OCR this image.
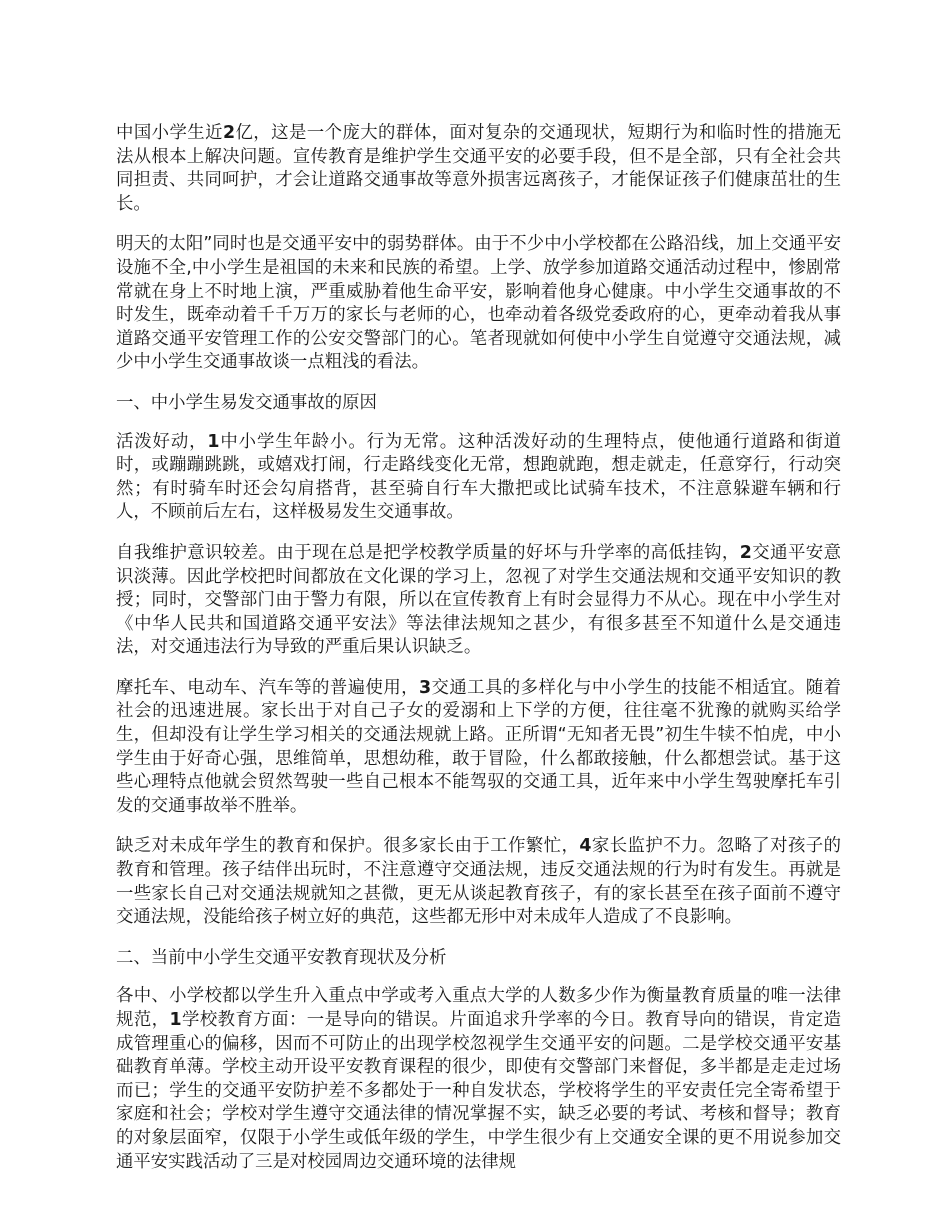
中国小学生近2亿，这是一个庞大的群体，面对复杂的交通现状，短期行为和临时性的措施无法从根本上解决问题。宣传教育是维护学生交通平安的必要手段，但不是全部，只有全社会共同担责、共同呵护，才会让道路交通事故等意外损害远离孩子，才能保证孩子们健康茁壮的生长。

明天的太阳”同时也是交通平安中的弱势群体。由于不少中小学校都在公路沿线，加上交通平安设施不全,中小学生是祖国的未来和民族的希望。上学、放学参加道路交通活动过程中，惨剧常常就在身上不时地上演，严重威胁着他生命平安，影响着他身心健康。中小学生交通事故的不时发生，既牵动着千千万万的家长与老师的心，也牵动着各级党委政府的心，更牵动着我从事道路交通平安管理工作的公安交警部门的心。笔者现就如何使中小学生自觉遵守交通法规，减少中小学生交通事故谈一点粗浅的看法。

一、中小学生易发交通事故的原因

活泼好动，1中小学生年龄小。行为无常。这种活泼好动的生理特点，使他通行道路和街道时，或蹦蹦跳跳，或嬉戏打闹，行走路线变化无常，想跑就跑，想走就走，任意穿行，行动突然；有时骑车时还会勾肩搭背，甚至骑自行车大撒把或比试骑车技术，不注意躲避车辆和行人，不顾前后左右，这样极易发生交通事故。

自我维护意识较差。由于现在总是把学校教学质量的好坏与升学率的高低挂钩，2交通平安意识淡薄。因此学校把时间都放在文化课的学习上，忽视了对学生交通法规和交通平安知识的教授；同时，交警部门由于警力有限，所以在宣传教育上有时会显得力不从心。现在中小学生对《中华人民共和国道路交通平安法》等法律法规知之甚少，有很多甚至不知道什么是交通违法，对交通违法行为导致的严重后果认识缺乏。

摩托车、电动车、汽车等的普遍使用，3交通工具的多样化与中小学生的技能不相适宜。随着社会的迅速进展。家长出于对自己子女的爱溺和上下学的方便，往往毫不犹豫的就购买给学生，但却没有让学生学习相关的交通法规就上路。正所谓“无知者无畏”初生牛犊不怕虎，中小学生由于好奇心强，思维简单，思想幼稚，敢于冒险，什么都敢接触，什么都想尝试。基于这些心理特点他就会贸然驾驶一些自己根本不能驾驭的交通工具，近年来中小学生驾驶摩托车引发的交通事故举不胜举。

缺乏对未成年学生的教育和保护。很多家长由于工作繁忙，4家长监护不力。忽略了对孩子的教育和管理。孩子结伴出玩时，不注意遵守交通法规，违反交通法规的行为时有发生。再就是一些家长自己对交通法规就知之甚微，更无从谈起教育孩子，有的家长甚至在孩子面前不遵守交通法规，没能给孩子树立好的典范，这些都无形中对未成年人造成了不良影响。

二、当前中小学生交通平安教育现状及分析

各中、小学校都以学生升入重点中学或考入重点大学的人数多少作为衡量教育质量的唯一法律规范，1学校教育方面：一是导向的错误。片面追求升学率的今日。教育导向的错误，肯定造成管理重心的偏移，因而不可防止的出现学校忽视学生交通平安的问题。二是学校交通平安基础教育单薄。学校主动开设平安教育课程的很少，即使有交警部门来督促，多半都是走走过场而已；学生的交通平安防护差不多都处于一种自发状态，学校将学生的平安责任完全寄希望于家庭和社会；学校对学生遵守交通法律的情况掌握不实，缺乏必要的考试、考核和督导；教育的对象层面窄，仅限于小学生或低年级的学生，中学生很少有上交通安全课的更不用说参加交通平安实践活动了三是对校园周边交通环境的法律规
